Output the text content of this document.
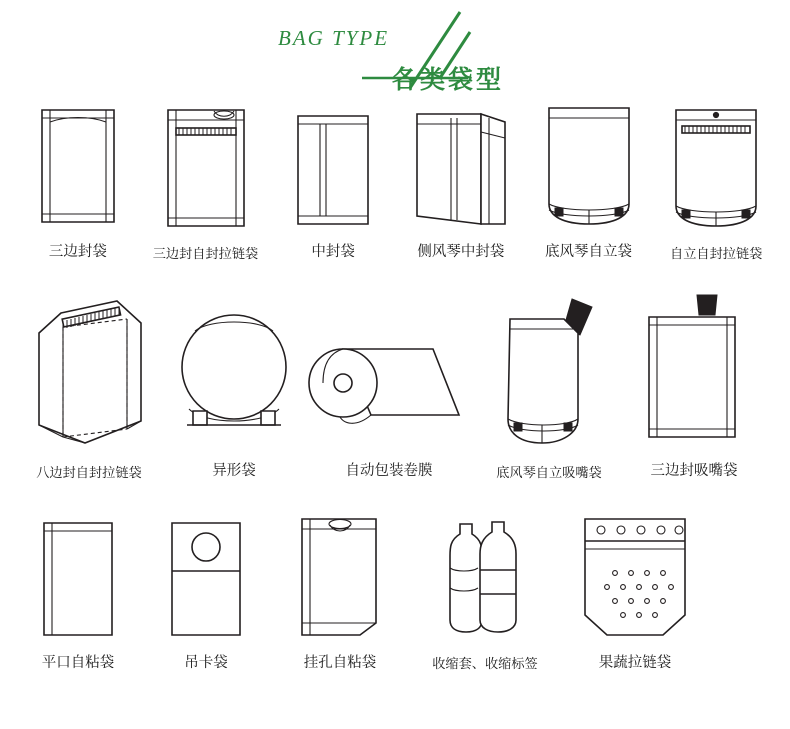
BAG TYPE
各类袋型
三边封袋	三边封自封拉链袋	中封袋	侧风琴中封袋	底风琴自立袋	自立自封拉链袋
八边封自封拉链袋	异形袋	自动包装卷膜	底风琴自立吸嘴袋	三边封吸嘴袋
平口自粘袋	吊卡袋	挂孔自粘袋	收缩套、收缩标签	果蔬拉链袋
